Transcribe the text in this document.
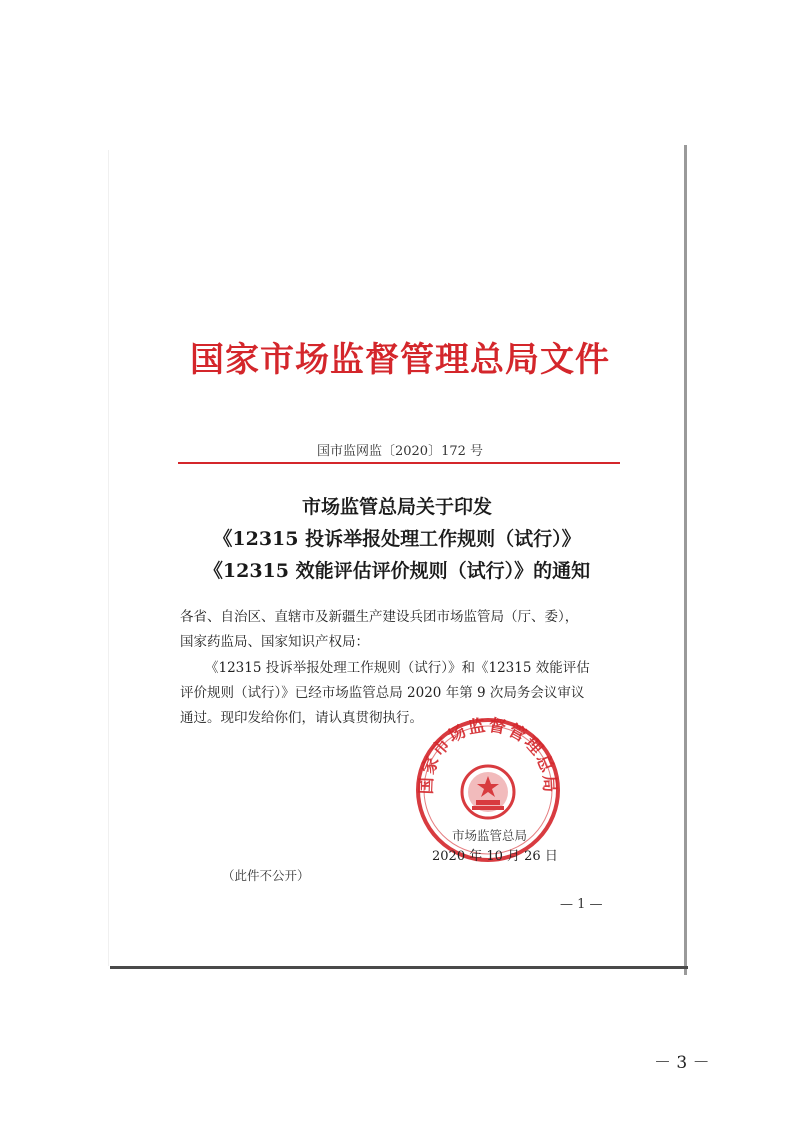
国家市场监督管理总局文件
国市监网监〔2020〕172 号
市场监管总局关于印发
《12315 投诉举报处理工作规则（试行）》
《12315 效能评估评价规则（试行）》的通知
各省、自治区、直辖市及新疆生产建设兵团市场监管局（厅、委），
国家药监局、国家知识产权局：
《12315 投诉举报处理工作规则（试行）》和《12315 效能评估
评价规则（试行）》已经市场监管总局 2020 年第 9 次局务会议审议
通过。现印发给你们，请认真贯彻执行。
国家市场监督管理总局
市场监管总局
2020 年 10 月 26 日
（此件不公开）
— 1 —
－ 3 －
